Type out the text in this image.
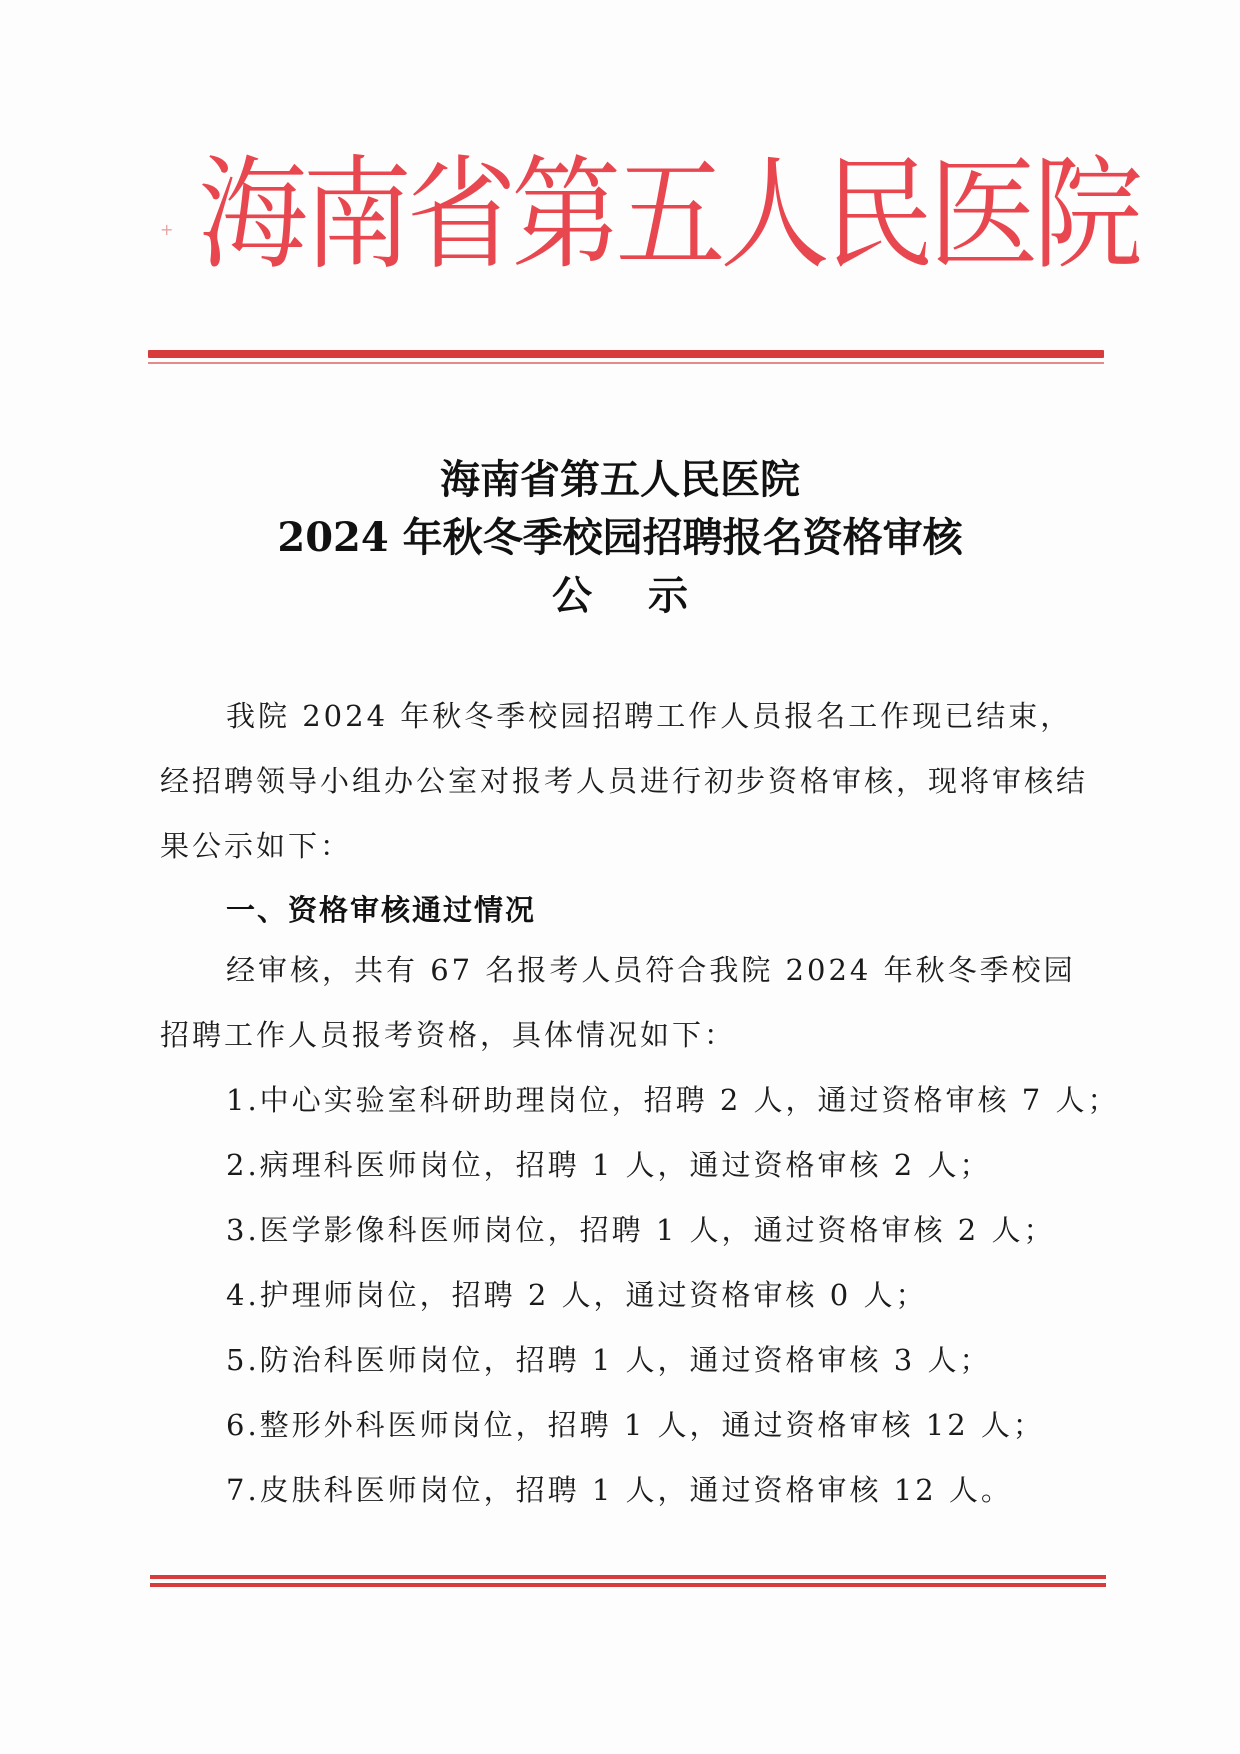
+ 海南省第五人民医院
海南省第五人民医院
2024 年秋冬季校园招聘报名资格审核
公示
我院 2024 年秋冬季校园招聘工作人员报名工作现已结束，经招聘领导小组办公室对报考人员进行初步资格审核，现将审核结果公示如下：
一、资格审核通过情况
经审核，共有 67 名报考人员符合我院 2024 年秋冬季校园招聘工作人员报考资格，具体情况如下：
1.中心实验室科研助理岗位，招聘 2 人，通过资格审核 7 人；
2.病理科医师岗位，招聘 1 人，通过资格审核 2 人；
3.医学影像科医师岗位，招聘 1 人，通过资格审核 2 人；
4.护理师岗位，招聘 2 人，通过资格审核 0 人；
5.防治科医师岗位，招聘 1 人，通过资格审核 3 人；
6.整形外科医师岗位，招聘 1 人，通过资格审核 12 人；
7.皮肤科医师岗位，招聘 1 人，通过资格审核 12 人。
